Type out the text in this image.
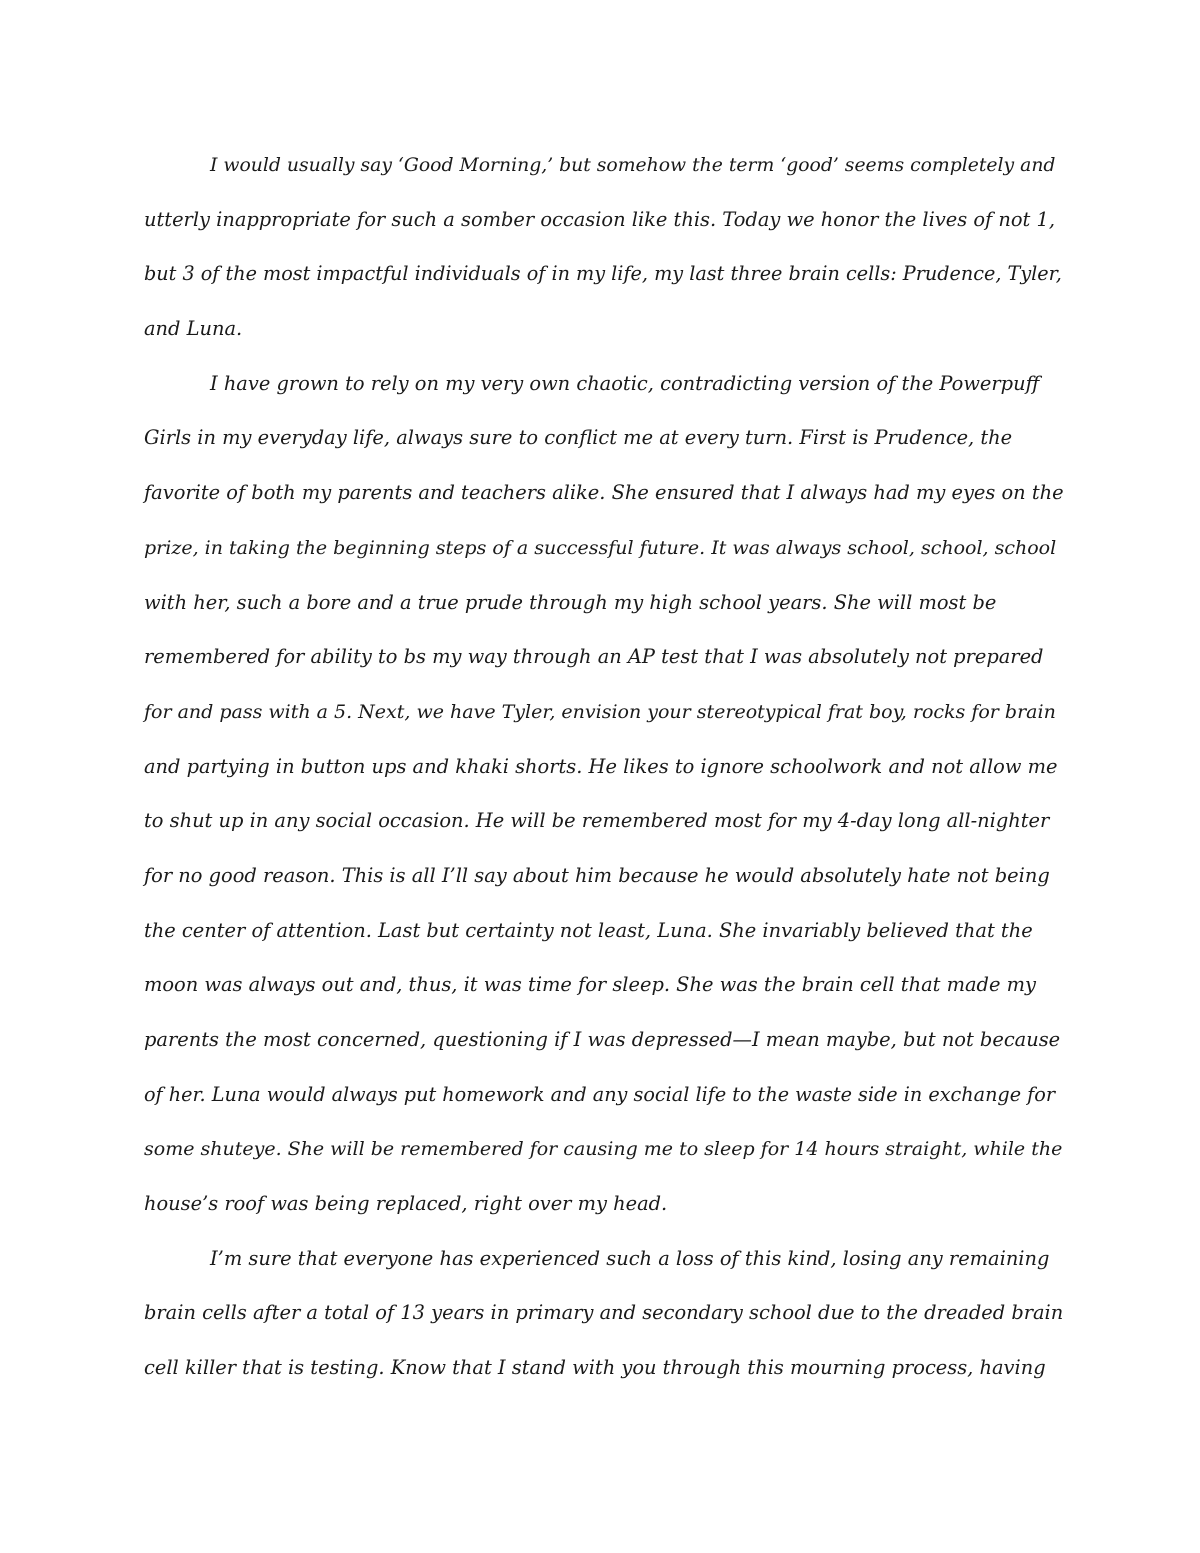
I would usually say ‘Good Morning,’ but somehow the term ‘good’ seems completely and
utterly inappropriate for such a somber occasion like this. Today we honor the lives of not 1,
but 3 of the most impactful individuals of in my life, my last three brain cells: Prudence, Tyler,
and Luna.
I have grown to rely on my very own chaotic, contradicting version of the Powerpuff
Girls in my everyday life, always sure to conflict me at every turn. First is Prudence, the
favorite of both my parents and teachers alike. She ensured that I always had my eyes on the
prize, in taking the beginning steps of a successful future. It was always school, school, school
with her, such a bore and a true prude through my high school years. She will most be
remembered for ability to bs my way through an AP test that I was absolutely not prepared
for and pass with a 5. Next, we have Tyler, envision your stereotypical frat boy, rocks for brain
and partying in button ups and khaki shorts. He likes to ignore schoolwork and not allow me
to shut up in any social occasion. He will be remembered most for my 4-day long all-nighter
for no good reason. This is all I’ll say about him because he would absolutely hate not being
the center of attention. Last but certainty not least, Luna. She invariably believed that the
moon was always out and, thus, it was time for sleep. She was the brain cell that made my
parents the most concerned, questioning if I was depressed—I mean maybe, but not because
of her. Luna would always put homework and any social life to the waste side in exchange for
some shuteye. She will be remembered for causing me to sleep for 14 hours straight, while the
house’s roof was being replaced, right over my head.
I’m sure that everyone has experienced such a loss of this kind, losing any remaining
brain cells after a total of 13 years in primary and secondary school due to the dreaded brain
cell killer that is testing. Know that I stand with you through this mourning process, having
